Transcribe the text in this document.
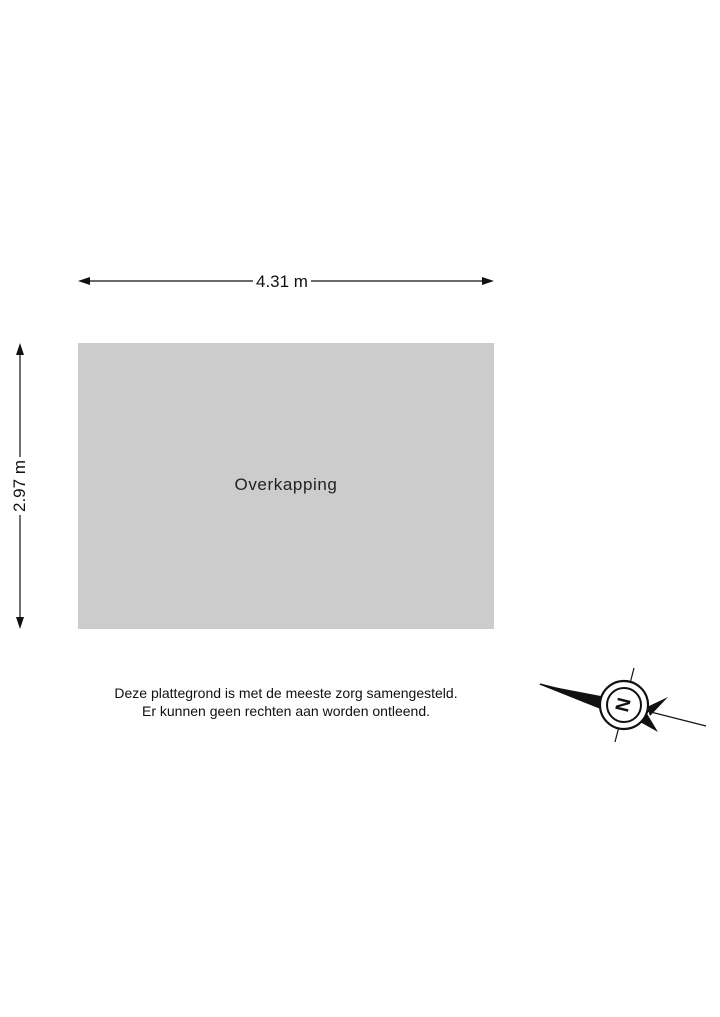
N
4.31 m
2.97 m	Overkapping
Deze plattegrond is met de meeste zorg samengesteld.
Er kunnen geen rechten aan worden ontleend.
